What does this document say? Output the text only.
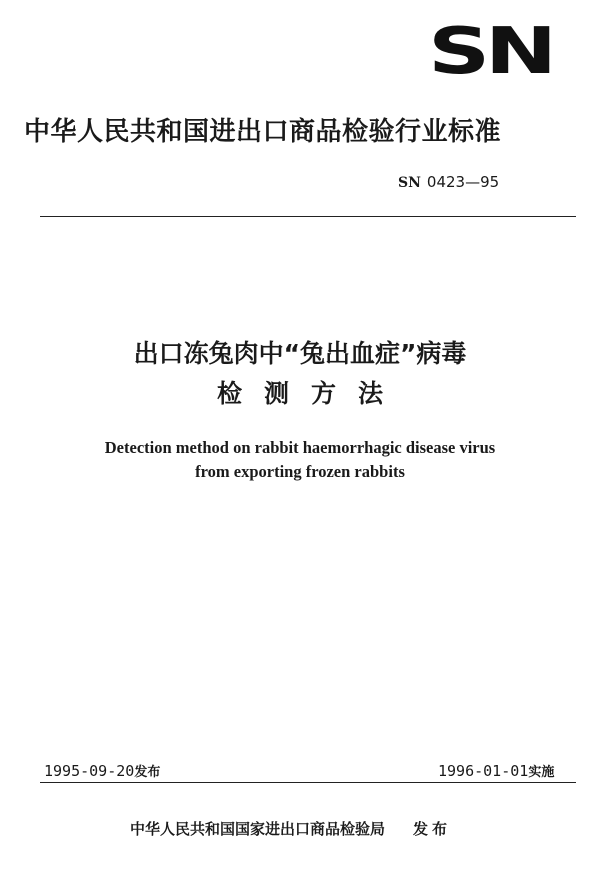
SN
中华人民共和国进出口商品检验行业标准
SN 0423—95
出口冻兔肉中“兔出血症”病毒
检测方法
Detection method on rabbit haemorrhagic disease virus
from exporting frozen rabbits
1995-09-20发布	1996-01-01实施
中华人民共和国国家进出口商品检验局 发布
